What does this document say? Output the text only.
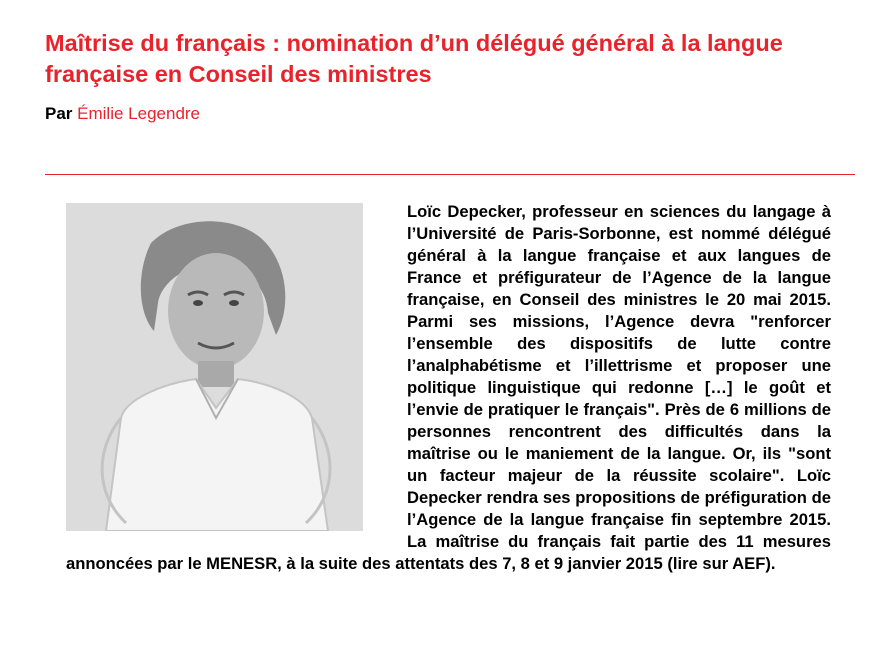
Maîtrise du français : nomination d’un délégué général à la langue française en Conseil des ministres
Par Émilie Legendre

Loïc Depecker, professeur en sciences du langage à l’Université de Paris-Sorbonne, est nommé délégué général à la langue française et aux langues de France et préfigurateur de l’Agence de la langue française, en Conseil des ministres le 20 mai 2015. Parmi ses missions, l’Agence devra "renforcer l’ensemble des dispositifs de lutte contre l’analphabétisme et l’illettrisme et proposer une politique linguistique qui redonne […] le goût et l’envie de pratiquer le français". Près de 6 millions de personnes rencontrent des difficultés dans la maîtrise ou le maniement de la langue. Or, ils "sont un facteur majeur de la réussite scolaire". Loïc Depecker rendra ses propositions de préfiguration de l’Agence de la langue française fin septembre 2015. La maîtrise du français fait partie des 11 mesures annoncées par le MENESR, à la suite des attentats des 7, 8 et 9 janvier 2015 (lire sur AEF).
